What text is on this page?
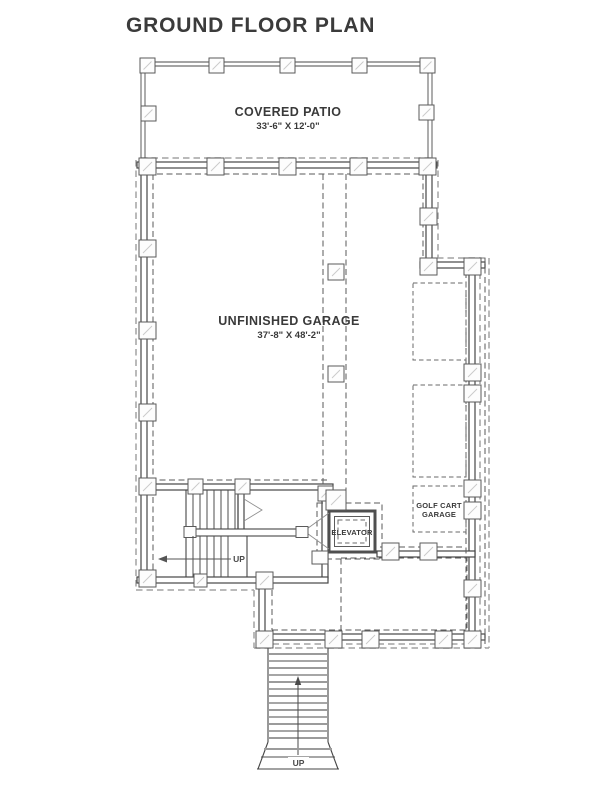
GROUND FLOOR PLAN
COVERED PATIO
33'-6" X 12'-0"
UNFINISHED GARAGE
37'-8" X 48'-2"
GOLF CART
GARAGE
ELEVATOR
UP
UP
